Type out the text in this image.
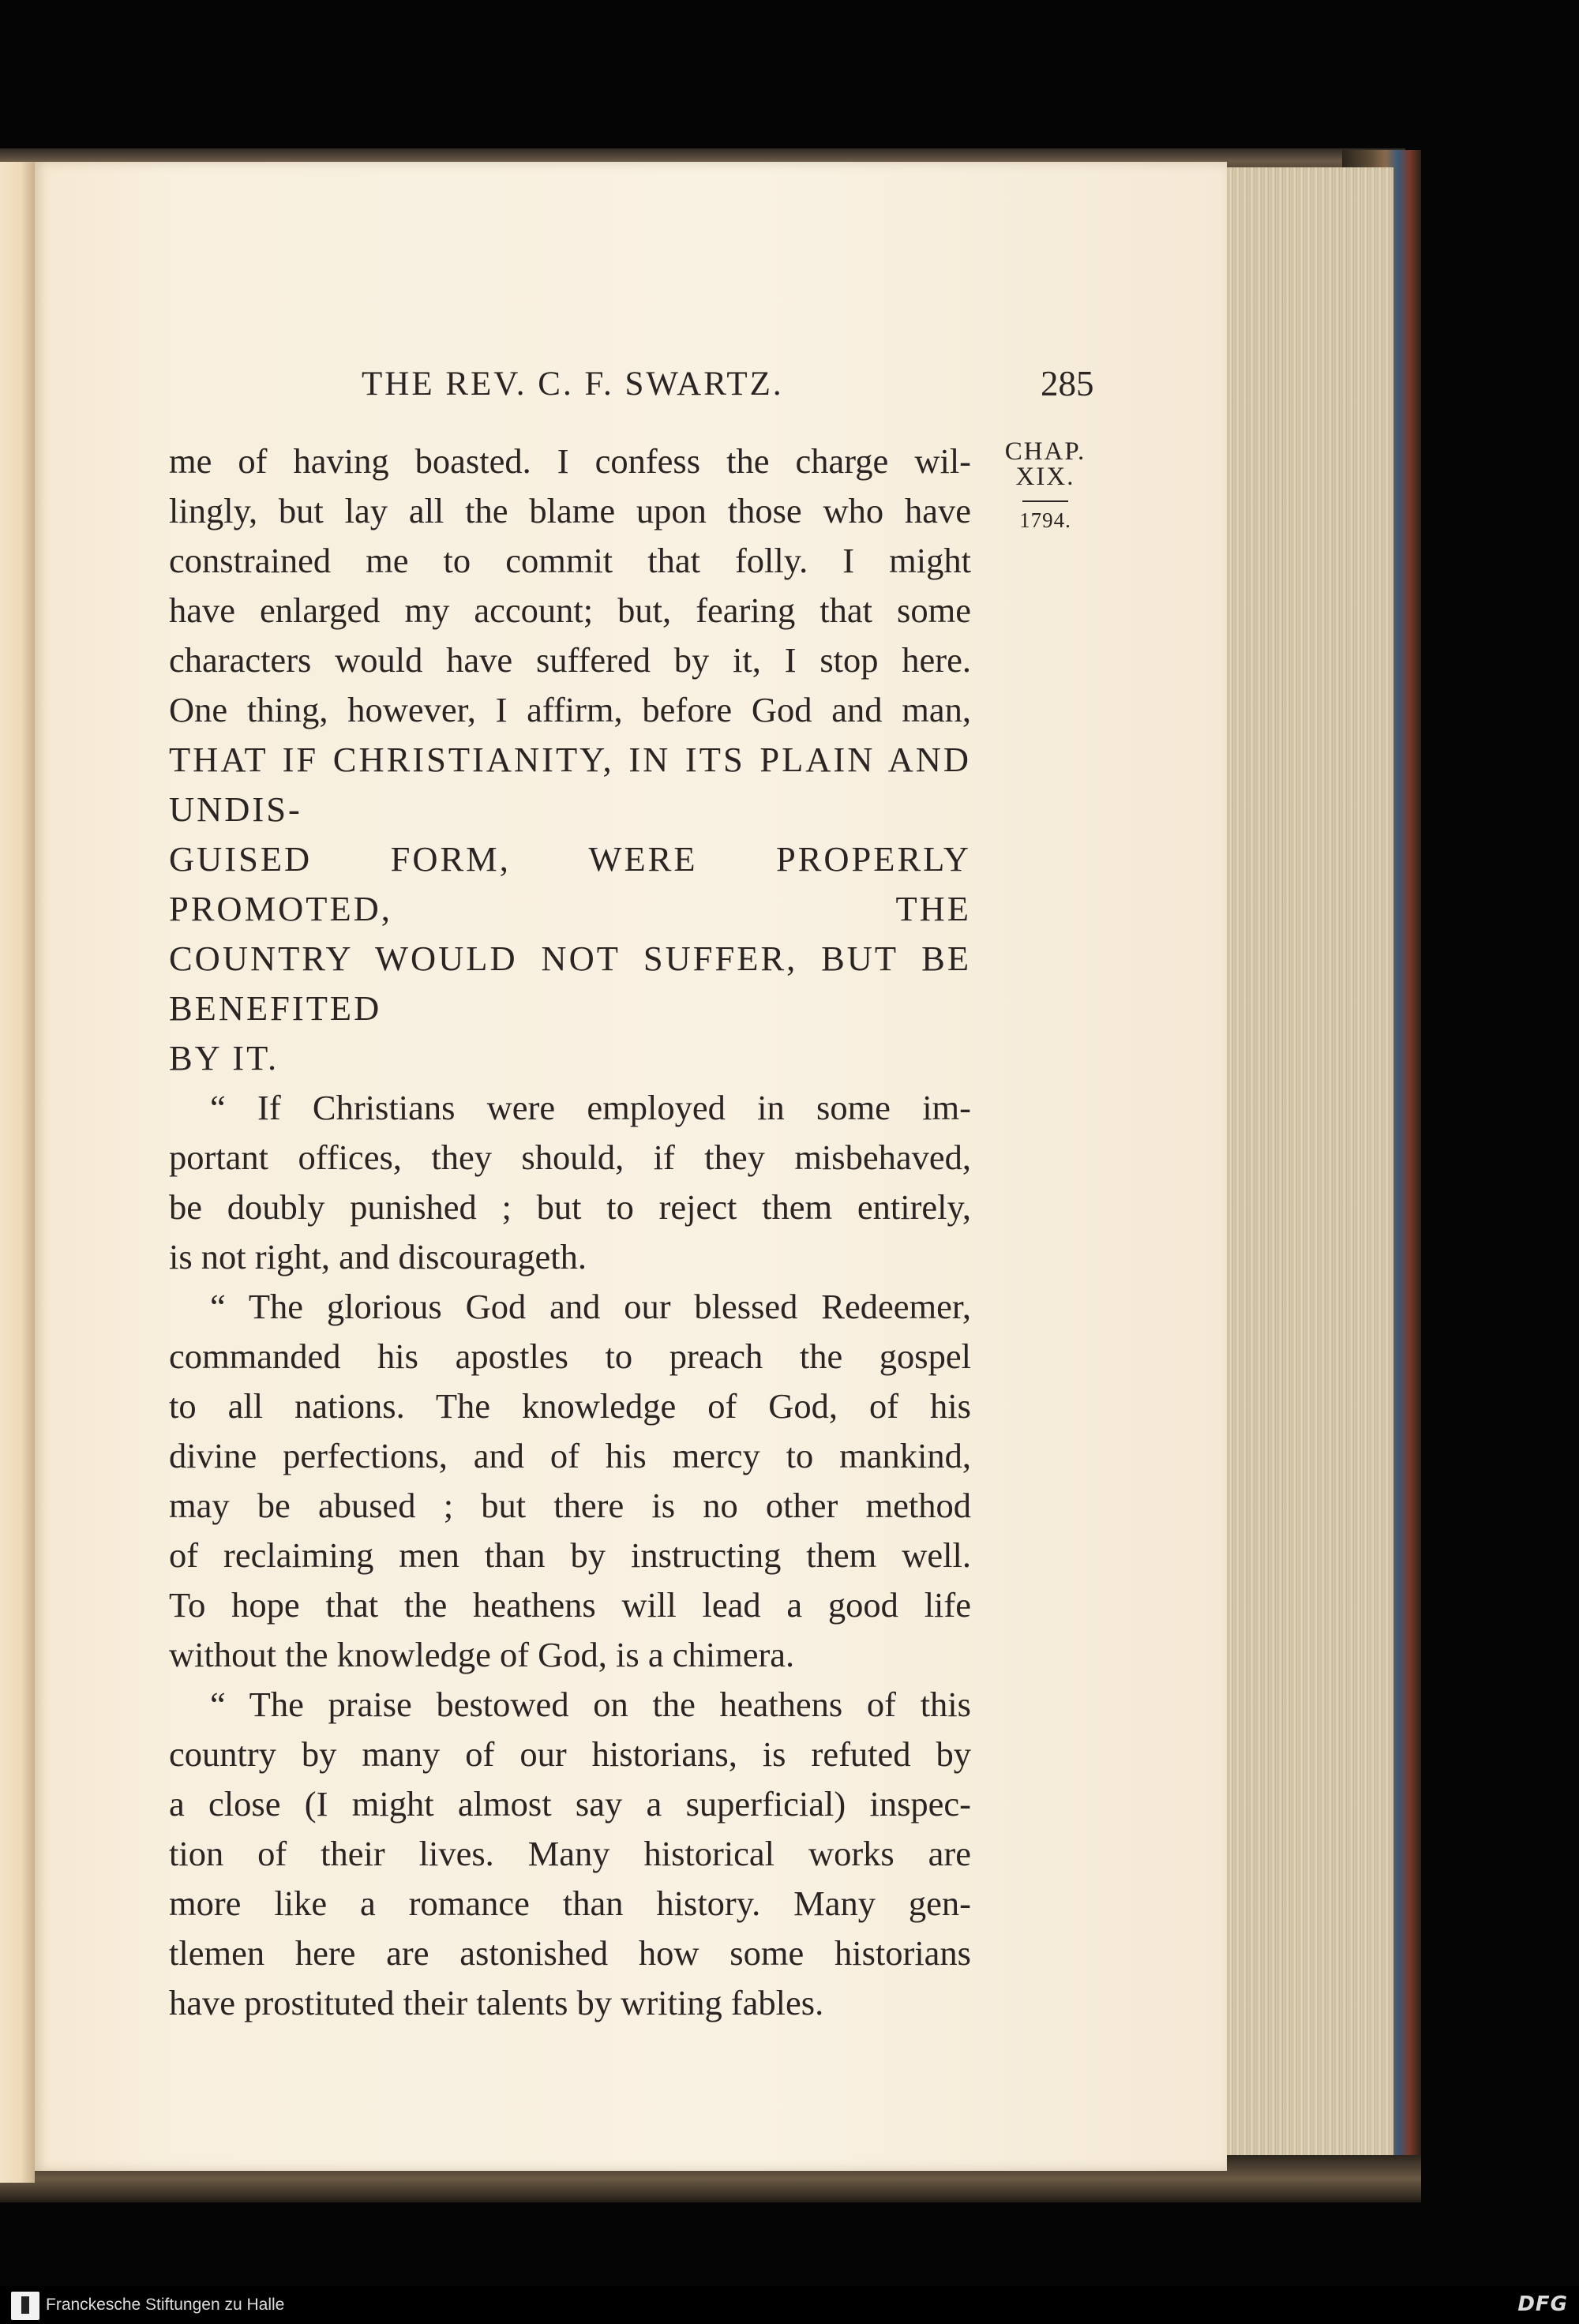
THE REV. C. F. SWARTZ.	285
CHAP.
XIX.
1794.

me of having boasted. I confess the charge wil-

lingly, but lay all the blame upon those who have

constrained me to commit that folly. I might

have enlarged my account; but, fearing that some

characters would have suffered by it, I stop here.

One thing, however, I affirm, before God and man,

THAT IF CHRISTIANITY, IN ITS PLAIN AND UNDIS-

GUISED FORM, WERE PROPERLY PROMOTED, THE

COUNTRY WOULD NOT SUFFER, BUT BE BENEFITED

BY IT.

“ If Christians were employed in some im-

portant offices, they should, if they misbehaved,

be doubly punished ; but to reject them entirely,

is not right, and discourageth.

“ The glorious God and our blessed Redeemer,

commanded his apostles to preach the gospel

to all nations. The knowledge of God, of his

divine perfections, and of his mercy to mankind,

may be abused ; but there is no other method

of reclaiming men than by instructing them well.

To hope that the heathens will lead a good life

without the knowledge of God, is a chimera.

“ The praise bestowed on the heathens of this

country by many of our historians, is refuted by

a close (I might almost say a superficial) inspec-

tion of their lives. Many historical works are

more like a romance than history. Many gen-

tlemen here are astonished how some historians

have prostituted their talents by writing fables.

Franckesche Stiftungen zu Halle	DFG
